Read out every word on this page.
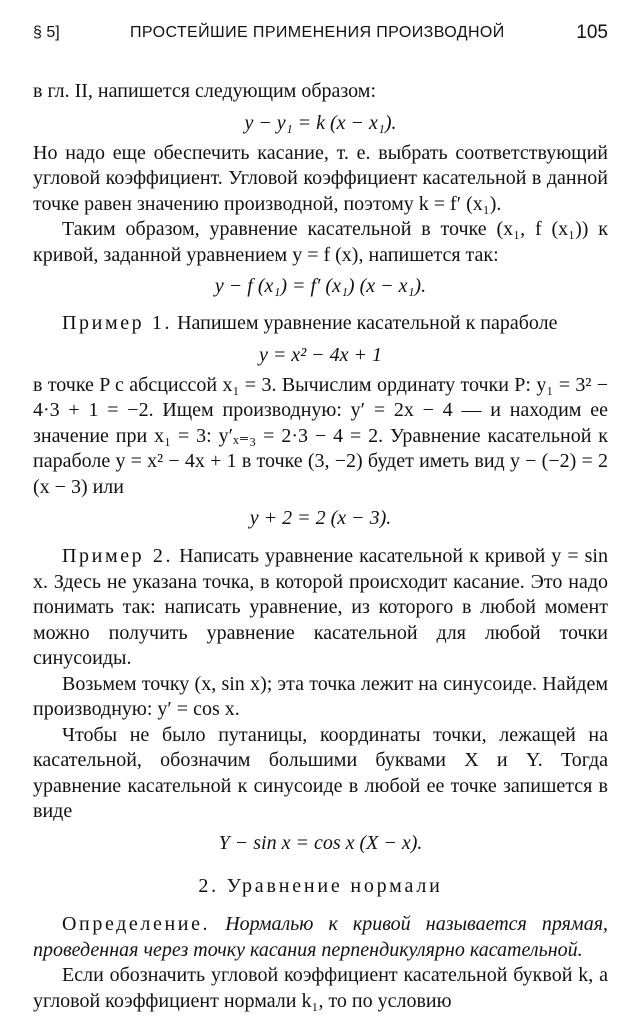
§ 5]	ПРОСТЕЙШИЕ ПРИМЕНЕНИЯ ПРОИЗВОДНОЙ	105

в гл. II, напишется следующим образом:

y − y₁ = k (x − x₁).

Но надо еще обеспечить касание, т. е. выбрать соответствующий угловой коэффициент. Угловой коэффициент касательной в данной точке равен значению производной, поэтому k = f′ (x₁).

Таким образом, уравнение касательной в точке (x₁, f (x₁)) к кривой, заданной уравнением y = f (x), напишется так:

y − f (x₁) = f′ (x₁) (x − x₁).

Пример 1. Напишем уравнение касательной к параболе

y = x² − 4x + 1

в точке P с абсциссой x₁ = 3. Вычислим ординату точки P: y₁ = 3² − 4·3 + 1 = −2. Ищем производную: y′ = 2x − 4 — и находим ее значение при x₁ = 3: y′ₓ₌₃ = 2·3 − 4 = 2. Уравнение касательной к параболе y = x² − 4x + 1 в точке (3, −2) будет иметь вид y − (−2) = 2 (x − 3) или

y + 2 = 2 (x − 3).

Пример 2. Написать уравнение касательной к кривой y = sin x. Здесь не указана точка, в которой происходит касание. Это надо понимать так: написать уравнение, из которого в любой момент можно получить уравнение касательной для любой точки синусоиды.

Возьмем точку (x, sin x); эта точка лежит на синусоиде. Найдем производную: y′ = cos x.

Чтобы не было путаницы, координаты точки, лежащей на касательной, обозначим большими буквами X и Y. Тогда уравнение касательной к синусоиде в любой ее точке запишется в виде

Y − sin x = cos x (X − x).
2. Уравнение нормали

Определение. Нормалью к кривой называется прямая, проведенная через точку касания перпендикулярно касательной.

Если обозначить угловой коэффициент касательной буквой k, а угловой коэффициент нормали k₁, то по условию
